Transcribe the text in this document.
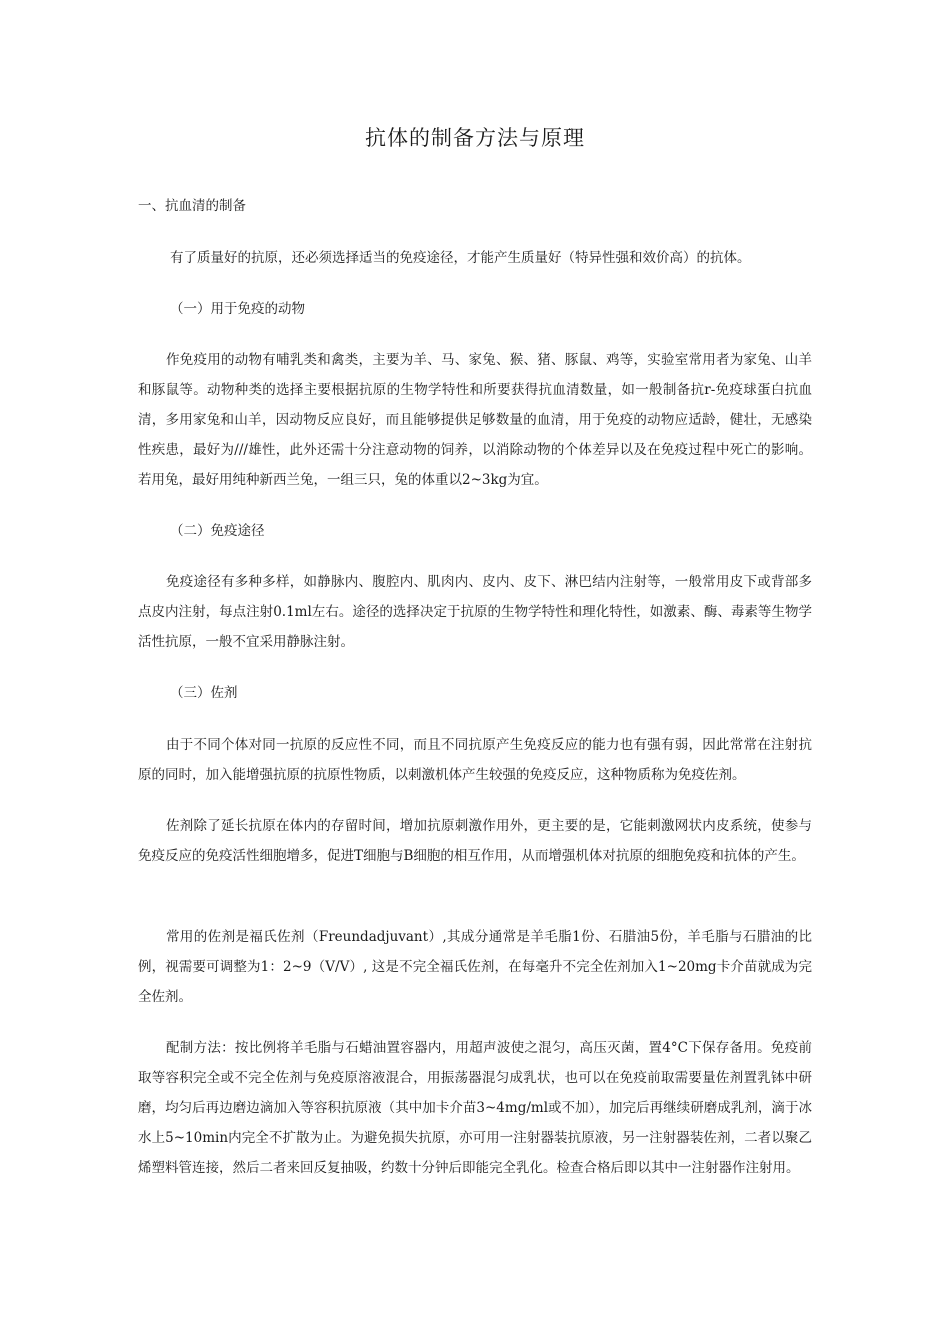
抗体的制备方法与原理

一、抗血清的制备

有了质量好的抗原，还必须选择适当的免疫途径，才能产生质量好（特异性强和效价高）的抗体。

（一）用于免疫的动物

作免疫用的动物有哺乳类和禽类，主要为羊、马、家兔、猴、猪、豚鼠、鸡等，实验室常用者为家兔、山羊和豚鼠等。动物种类的选择主要根据抗原的生物学特性和所要获得抗血清数量，如一般制备抗r-免疫球蛋白抗血清，多用家兔和山羊，因动物反应良好，而且能够提供足够数量的血清，用于免疫的动物应适龄，健壮，无感染性疾患，最好为///雄性，此外还需十分注意动物的饲养，以消除动物的个体差异以及在免疫过程中死亡的影响。若用兔，最好用纯种新西兰兔，一组三只，兔的体重以2~3kg为宜。

（二）免疫途径

免疫途径有多种多样，如静脉内、腹腔内、肌肉内、皮内、皮下、淋巴结内注射等，一般常用皮下或背部多点皮内注射，每点注射0.1ml左右。途径的选择决定于抗原的生物学特性和理化特性，如激素、酶、毒素等生物学活性抗原，一般不宜采用静脉注射。

（三）佐剂

由于不同个体对同一抗原的反应性不同，而且不同抗原产生免疫反应的能力也有强有弱，因此常常在注射抗原的同时，加入能增强抗原的抗原性物质，以刺激机体产生较强的免疫反应，这种物质称为免疫佐剂。

佐剂除了延长抗原在体内的存留时间，增加抗原刺激作用外，更主要的是，它能刺激网状内皮系统，使参与免疫反应的免疫活性细胞增多，促进T细胞与B细胞的相互作用，从而增强机体对抗原的细胞免疫和抗体的产生。

常用的佐剂是福氏佐剂（Freundadjuvant）,其成分通常是羊毛脂1份、石腊油5份，羊毛脂与石腊油的比例，视需要可调整为1：2~9（V/V）, 这是不完全福氏佐剂，在每毫升不完全佐剂加入1~20mg卡介苗就成为完全佐剂。

配制方法：按比例将羊毛脂与石蜡油置容器内，用超声波使之混匀，高压灭菌，置4°C下保存备用。免疫前取等容积完全或不完全佐剂与免疫原溶液混合，用振荡器混匀成乳状，也可以在免疫前取需要量佐剂置乳钵中研磨，均匀后再边磨边滴加入等容积抗原液（其中加卡介苗3~4mg/ml或不加），加完后再继续研磨成乳剂，滴于冰水上5~10min内完全不扩散为止。为避免损失抗原，亦可用一注射器装抗原液，另一注射器装佐剂，二者以聚乙烯塑料管连接，然后二者来回反复抽吸，约数十分钟后即能完全乳化。检查合格后即以其中一注射器作注射用。
